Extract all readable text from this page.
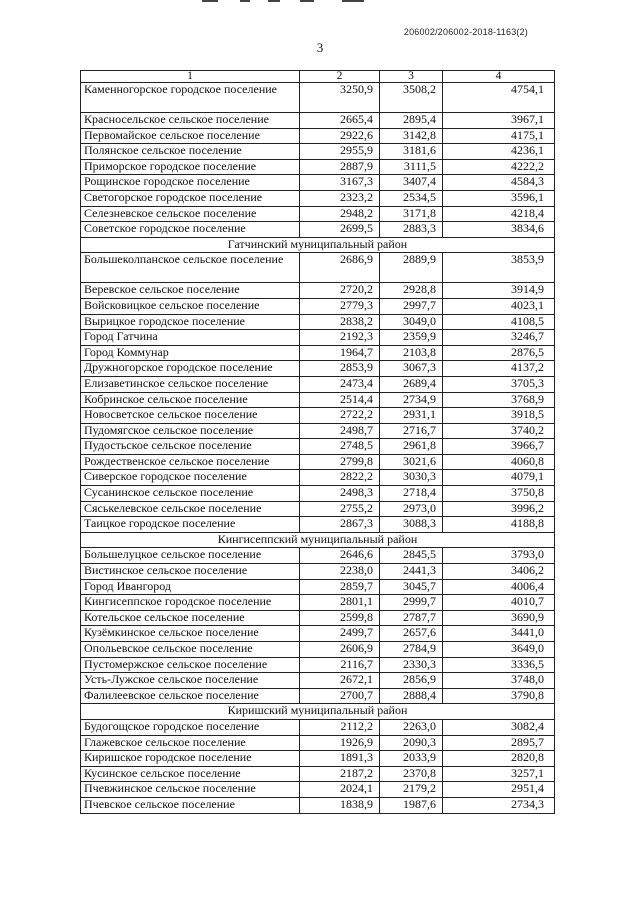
206002/206002-2018-1163(2)
3
1	2	3	4
Каменногорское городское поселение	3250,9	3508,2	4754,1
Красносельское сельское поселение	2665,4	2895,4	3967,1
Первомайское сельское поселение	2922,6	3142,8	4175,1
Полянское сельское поселение	2955,9	3181,6	4236,1
Приморское городское поселение	2887,9	3111,5	4222,2
Рощинское городское поселение	3167,3	3407,4	4584,3
Светогорское городское поселение	2323,2	2534,5	3596,1
Селезневское сельское поселение	2948,2	3171,8	4218,4
Советское городское поселение	2699,5	2883,3	3834,6
Гатчинский муниципальный район			
Большеколпанское сельское поселение	2686,9	2889,9	3853,9
Веревское сельское поселение	2720,2	2928,8	3914,9
Войсковицкое сельское поселение	2779,3	2997,7	4023,1
Вырицкое городское поселение	2838,2	3049,0	4108,5
Город Гатчина	2192,3	2359,9	3246,7
Город Коммунар	1964,7	2103,8	2876,5
Дружногорское городское поселение	2853,9	3067,3	4137,2
Елизаветинское сельское поселение	2473,4	2689,4	3705,3
Кобринское сельское поселение	2514,4	2734,9	3768,9
Новосветское сельское поселение	2722,2	2931,1	3918,5
Пудомягское сельское поселение	2498,7	2716,7	3740,2
Пудостьское сельское поселение	2748,5	2961,8	3966,7
Рождественское сельское поселение	2799,8	3021,6	4060,8
Сиверское городское поселение	2822,2	3030,3	4079,1
Сусанинское сельское поселение	2498,3	2718,4	3750,8
Сяськелевское сельское поселение	2755,2	2973,0	3996,2
Таицкое городское поселение	2867,3	3088,3	4188,8
Кингисеппский муниципальный район			
Большелуцкое сельское поселение	2646,6	2845,5	3793,0
Вистинское сельское поселение	2238,0	2441,3	3406,2
Город Ивангород	2859,7	3045,7	4006,4
Кингисеппское городское поселение	2801,1	2999,7	4010,7
Котельское сельское поселение	2599,8	2787,7	3690,9
Кузёмкинское сельское поселение	2499,7	2657,6	3441,0
Опольевское сельское поселение	2606,9	2784,9	3649,0
Пустомержское сельское поселение	2116,7	2330,3	3336,5
Усть-Лужское сельское поселение	2672,1	2856,9	3748,0
Фалилеевское сельское поселение	2700,7	2888,4	3790,8
Киришский муниципальный район			
Будогощское городское поселение	2112,2	2263,0	3082,4
Глажевское сельское поселение	1926,9	2090,3	2895,7
Киришское городское поселение	1891,3	2033,9	2820,8
Кусинское сельское поселение	2187,2	2370,8	3257,1
Пчевжинское сельское поселение	2024,1	2179,2	2951,4
Пчевское сельское поселение	1838,9	1987,6	2734,3
